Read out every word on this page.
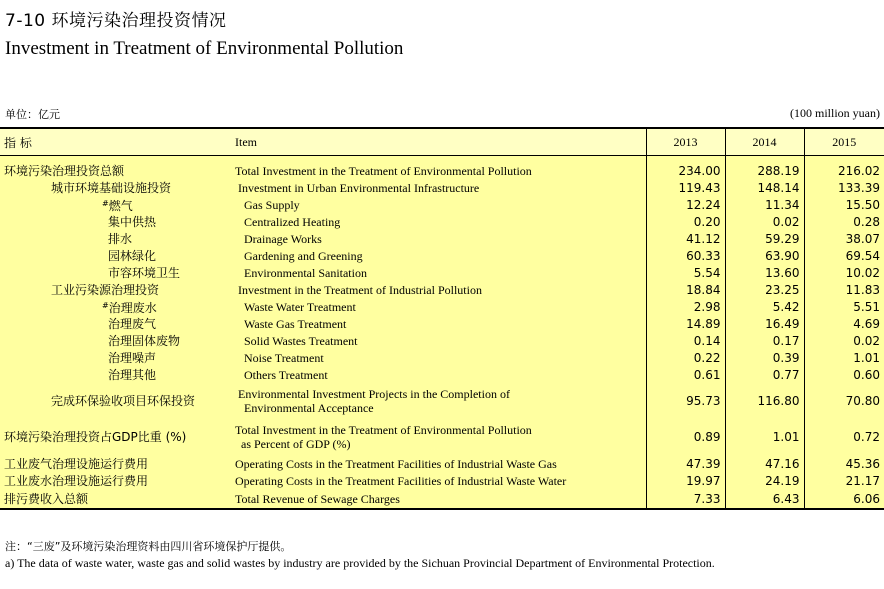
7-10 环境污染治理投资情况
Investment in Treatment of Environmental Pollution
单位：亿元	(100 million yuan)
指 标	Item	2013	2014	2015
环境污染治理投资总额	Total Investment in the Treatment of Environmental Pollution	234.00	288.19	216.02
城市环境基础设施投资	Investment in Urban Environmental Infrastructure	119.43	148.14	133.39
#燃气	Gas Supply	12.24	11.34	15.50
集中供热	Centralized Heating	0.20	0.02	0.28
排水	Drainage Works	41.12	59.29	38.07
园林绿化	Gardening and Greening	60.33	63.90	69.54
市容环境卫生	Environmental Sanitation	5.54	13.60	10.02
工业污染源治理投资	Investment in the Treatment of Industrial Pollution	18.84	23.25	11.83
#治理废水	Waste Water Treatment	2.98	5.42	5.51
治理废气	Waste Gas Treatment	14.89	16.49	4.69
治理固体废物	Solid Wastes Treatment	0.14	0.17	0.02
治理噪声	Noise Treatment	0.22	0.39	1.01
治理其他	Others Treatment	0.61	0.77	0.60
完成环保验收项目环保投资	Environmental Investment Projects in the Completion of
Environmental Acceptance	95.73	116.80	70.80
环境污染治理投资占GDP比重 (%)	Total Investment in the Treatment of Environmental Pollution
as Percent of GDP (%)	0.89	1.01	0.72
工业废气治理设施运行费用	Operating Costs in the Treatment Facilities of Industrial Waste Gas	47.39	47.16	45.36
工业废水治理设施运行费用	Operating Costs in the Treatment Facilities of Industrial Waste Water	19.97	24.19	21.17
排污费收入总额	Total Revenue of Sewage Charges	7.33	6.43	6.06
注：“三废”及环境污染治理资料由四川省环境保护厅提供。
a) The data of waste water, waste gas and solid wastes by industry are provided by the Sichuan Provincial Department of Environmental Protection.
